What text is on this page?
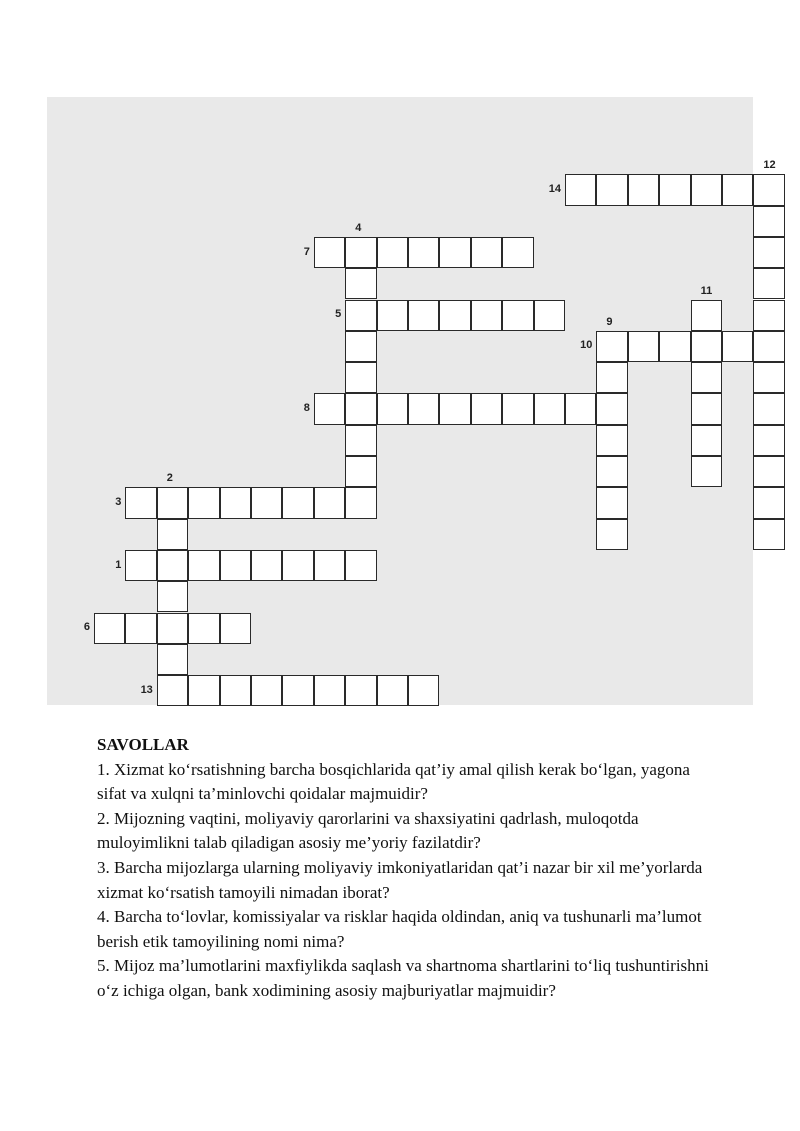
1
2
3
4
5
6
7
8
9
10
11
12
13
14
SAVOLLAR

1. Xizmat ko‘rsatishning barcha bosqichlarida qat’iy amal qilish kerak bo‘lgan, yagona sifat va xulqni ta’minlovchi qoidalar majmuidir?

2. Mijozning vaqtini, moliyaviy qarorlarini va shaxsiyatini qadrlash, muloqotda muloyimlikni talab qiladigan asosiy me’yoriy fazilatdir?

3. Barcha mijozlarga ularning moliyaviy imkoniyatlaridan qat’i nazar bir xil me’yorlarda xizmat ko‘rsatish tamoyili nimadan iborat?

4. Barcha to‘lovlar, komissiyalar va risklar haqida oldindan, aniq va tushunarli ma’lumot berish etik tamoyilining nomi nima?

5. Mijoz ma’lumotlarini maxfiylikda saqlash va shartnoma shartlarini to‘liq tushuntirishni o‘z ichiga olgan, bank xodimining asosiy majburiyatlar majmuidir?
